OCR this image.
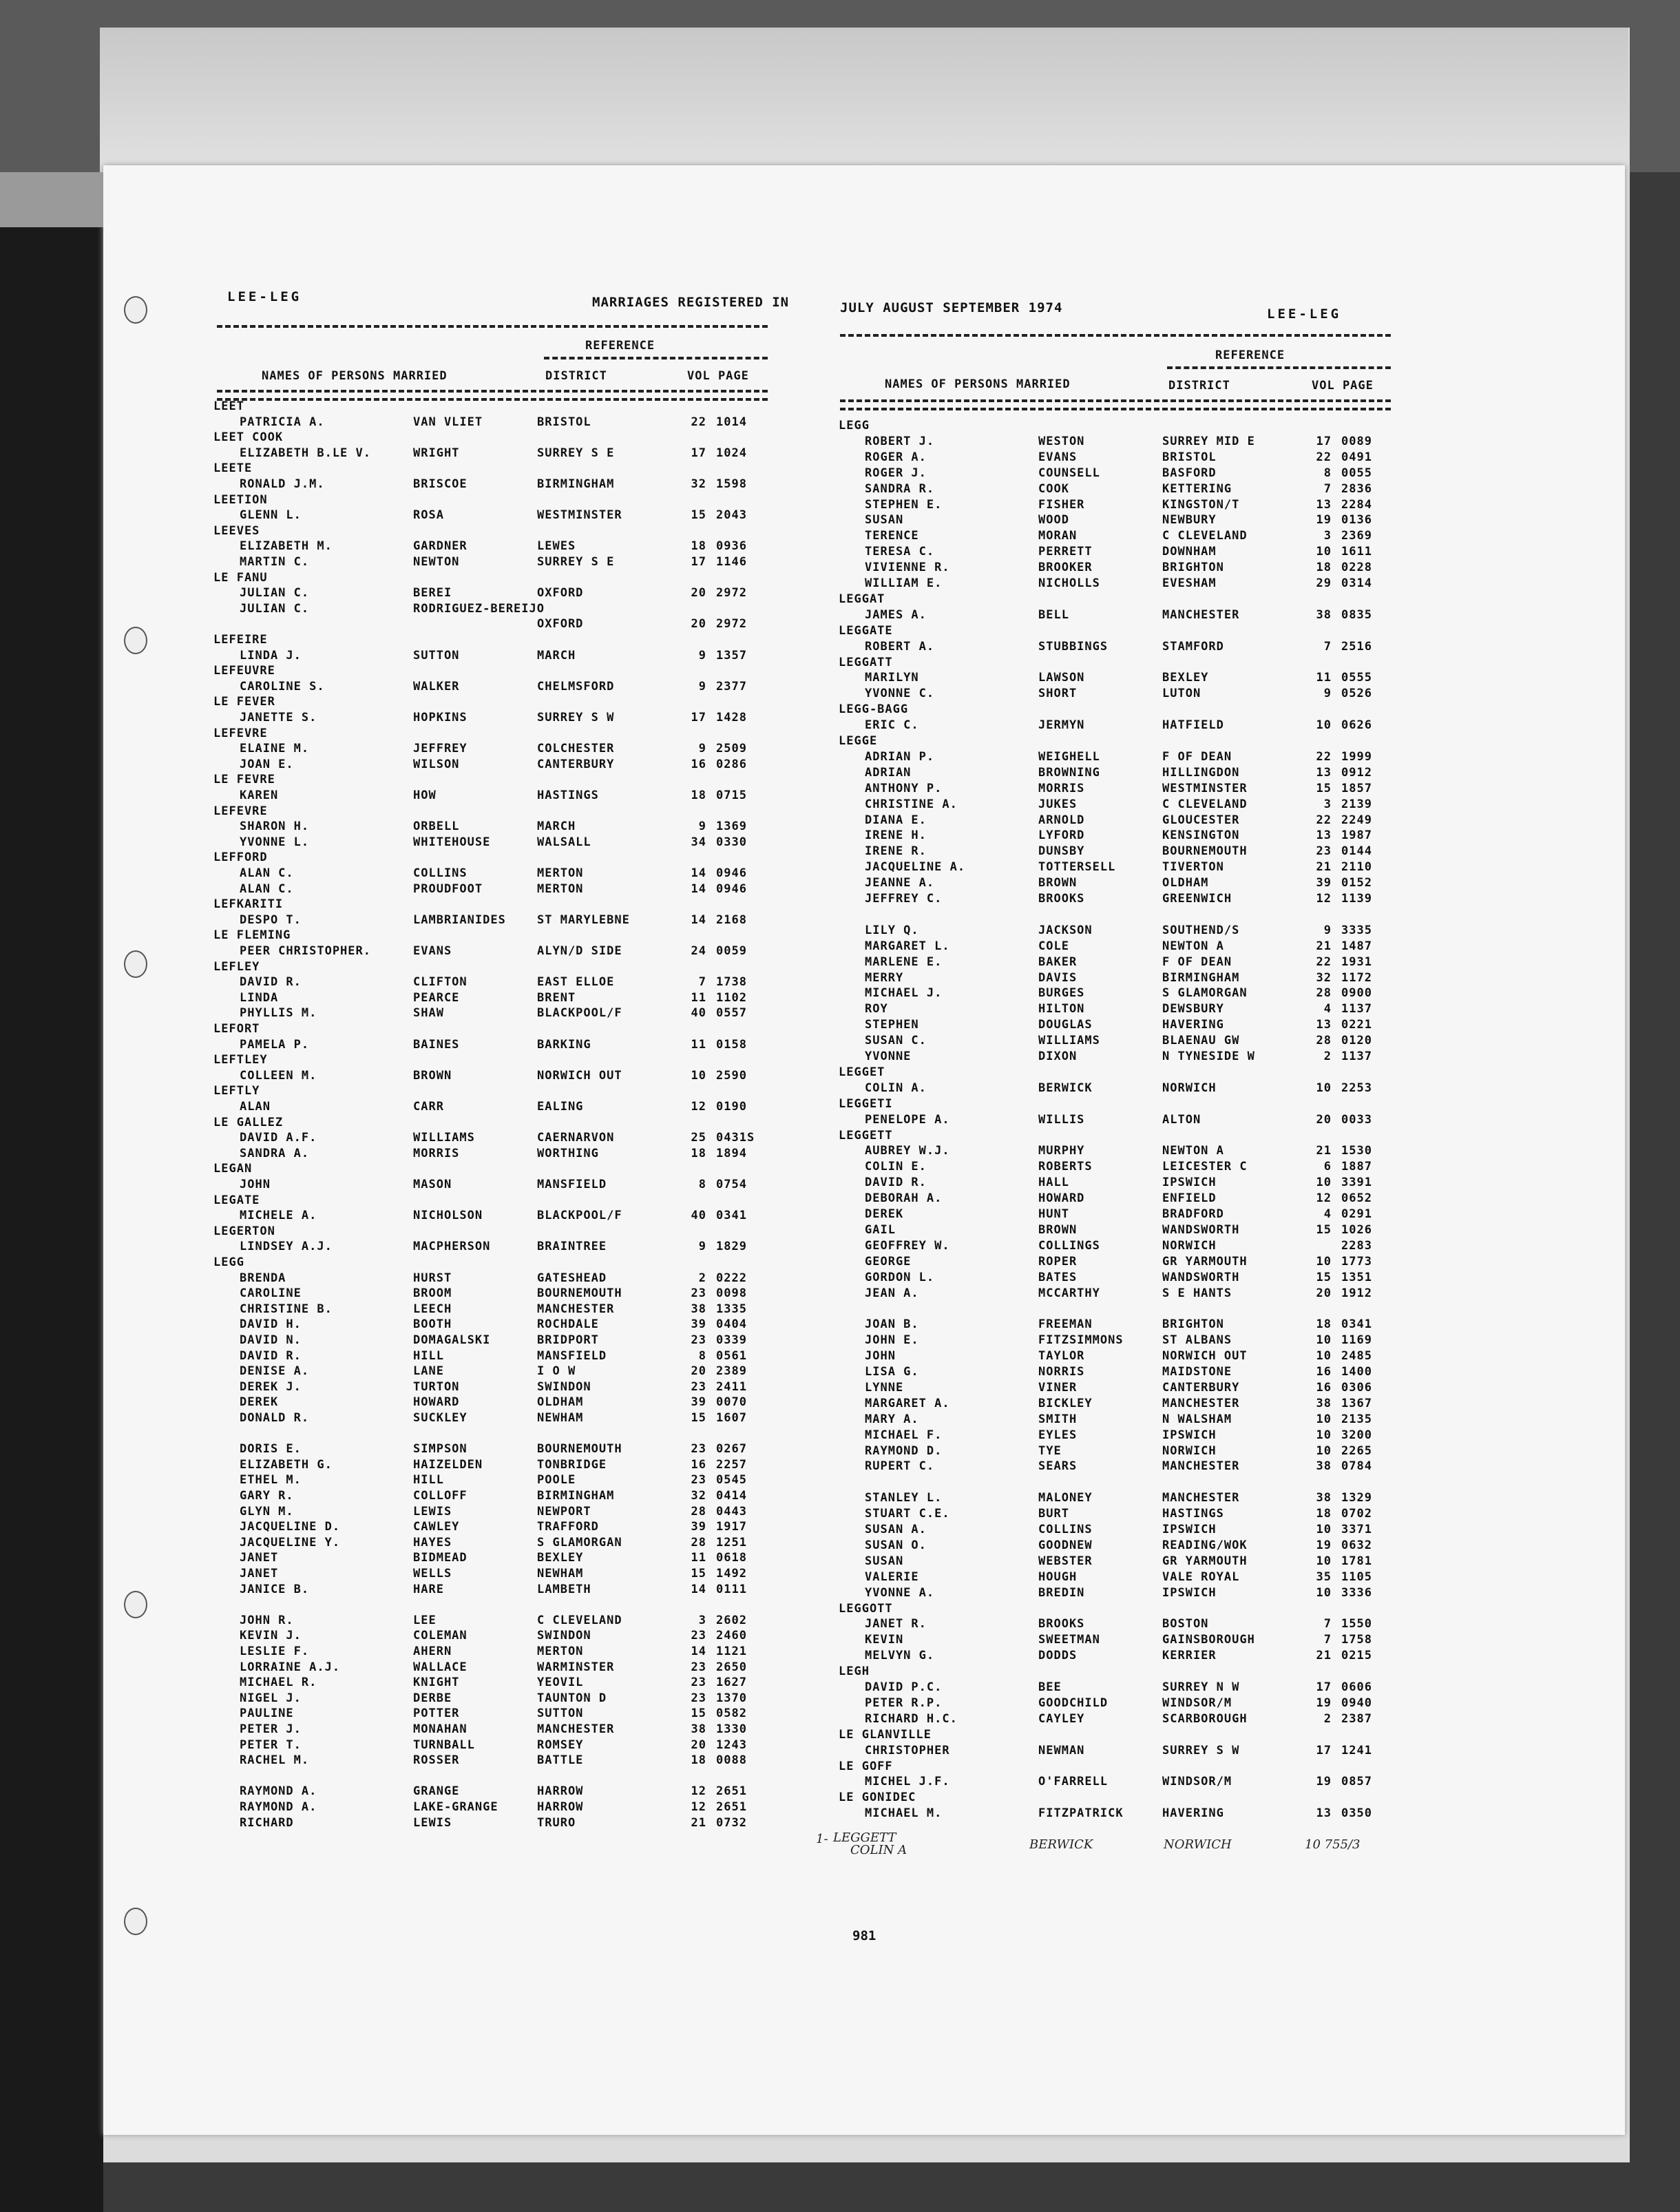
LEE-LEG	MARRIAGES REGISTERED IN	JULY AUGUST SEPTEMBER 1974	LEE-LEG
REFERENCE
NAMES OF PERSONS MARRIED	DISTRICT	VOL PAGE
REFERENCE
NAMES OF PERSONS MARRIED	DISTRICT	VOL PAGE
LEET
PATRICIA A.	VAN VLIET	BRISTOL	22 1014
LEET COOK
ELIZABETH B.LE V.	WRIGHT	SURREY S E	17 1024
LEETE
RONALD J.M.	BRISCOE	BIRMINGHAM	32 1598
LEETION
GLENN L.	ROSA	WESTMINSTER	15 2043
LEEVES
ELIZABETH M.	GARDNER	LEWES	18 0936
MARTIN C.	NEWTON	SURREY S E	17 1146
LE FANU
JULIAN C.	BEREI	OXFORD	20 2972
JULIAN C.	RODRIGUEZ-BEREIJO
OXFORD	20 2972
LEFEIRE
LINDA J.	SUTTON	MARCH	9 1357
LEFEUVRE
CAROLINE S.	WALKER	CHELMSFORD	9 2377
LE FEVER
JANETTE S.	HOPKINS	SURREY S W	17 1428
LEFEVRE
ELAINE M.	JEFFREY	COLCHESTER	9 2509
JOAN E.	WILSON	CANTERBURY	16 0286
LE FEVRE
KAREN	HOW	HASTINGS	18 0715
LEFEVRE
SHARON H.	ORBELL	MARCH	9 1369
YVONNE L.	WHITEHOUSE	WALSALL	34 0330
LEFFORD
ALAN C.	COLLINS	MERTON	14 0946
ALAN C.	PROUDFOOT	MERTON	14 0946
LEFKARITI
DESPO T.	LAMBRIANIDES	ST MARYLEBNE	14 2168
LE FLEMING
PEER CHRISTOPHER.	EVANS	ALYN/D SIDE	24 0059
LEFLEY
DAVID R.	CLIFTON	EAST ELLOE	7 1738
LINDA	PEARCE	BRENT	11 1102
PHYLLIS M.	SHAW	BLACKPOOL/F	40 0557
LEFORT
PAMELA P.	BAINES	BARKING	11 0158
LEFTLEY
COLLEEN M.	BROWN	NORWICH OUT	10 2590
LEFTLY
ALAN	CARR	EALING	12 0190
LE GALLEZ
DAVID A.F.	WILLIAMS	CAERNARVON	25 0431S
SANDRA A.	MORRIS	WORTHING	18 1894
LEGAN
JOHN	MASON	MANSFIELD	8 0754
LEGATE
MICHELE A.	NICHOLSON	BLACKPOOL/F	40 0341
LEGERTON
LINDSEY A.J.	MACPHERSON	BRAINTREE	9 1829
LEGG
BRENDA	HURST	GATESHEAD	2 0222
CAROLINE	BROOM	BOURNEMOUTH	23 0098
CHRISTINE B.	LEECH	MANCHESTER	38 1335
DAVID H.	BOOTH	ROCHDALE	39 0404
DAVID N.	DOMAGALSKI	BRIDPORT	23 0339
DAVID R.	HILL	MANSFIELD	8 0561
DENISE A.	LANE	I O W	20 2389
DEREK J.	TURTON	SWINDON	23 2411
DEREK	HOWARD	OLDHAM	39 0070
DONALD R.	SUCKLEY	NEWHAM	15 1607
DORIS E.	SIMPSON	BOURNEMOUTH	23 0267
ELIZABETH G.	HAIZELDEN	TONBRIDGE	16 2257
ETHEL M.	HILL	POOLE	23 0545
GARY R.	COLLOFF	BIRMINGHAM	32 0414
GLYN M.	LEWIS	NEWPORT	28 0443
JACQUELINE D.	CAWLEY	TRAFFORD	39 1917
JACQUELINE Y.	HAYES	S GLAMORGAN	28 1251
JANET	BIDMEAD	BEXLEY	11 0618
JANET	WELLS	NEWHAM	15 1492
JANICE B.	HARE	LAMBETH	14 0111
JOHN R.	LEE	C CLEVELAND	3 2602
KEVIN J.	COLEMAN	SWINDON	23 2460
LESLIE F.	AHERN	MERTON	14 1121
LORRAINE A.J.	WALLACE	WARMINSTER	23 2650
MICHAEL R.	KNIGHT	YEOVIL	23 1627
NIGEL J.	DERBE	TAUNTON D	23 1370
PAULINE	POTTER	SUTTON	15 0582
PETER J.	MONAHAN	MANCHESTER	38 1330
PETER T.	TURNBALL	ROMSEY	20 1243
RACHEL M.	ROSSER	BATTLE	18 0088
RAYMOND A.	GRANGE	HARROW	12 2651
RAYMOND A.	LAKE-GRANGE	HARROW	12 2651
RICHARD	LEWIS	TRURO	21 0732
LEGG
ROBERT J.	WESTON	SURREY MID E	17 0089
ROGER A.	EVANS	BRISTOL	22 0491
ROGER J.	COUNSELL	BASFORD	8 0055
SANDRA R.	COOK	KETTERING	7 2836
STEPHEN E.	FISHER	KINGSTON/T	13 2284
SUSAN	WOOD	NEWBURY	19 0136
TERENCE	MORAN	C CLEVELAND	3 2369
TERESA C.	PERRETT	DOWNHAM	10 1611
VIVIENNE R.	BROOKER	BRIGHTON	18 0228
WILLIAM E.	NICHOLLS	EVESHAM	29 0314
LEGGAT
JAMES A.	BELL	MANCHESTER	38 0835
LEGGATE
ROBERT A.	STUBBINGS	STAMFORD	7 2516
LEGGATT
MARILYN	LAWSON	BEXLEY	11 0555
YVONNE C.	SHORT	LUTON	9 0526
LEGG-BAGG
ERIC C.	JERMYN	HATFIELD	10 0626
LEGGE
ADRIAN P.	WEIGHELL	F OF DEAN	22 1999
ADRIAN	BROWNING	HILLINGDON	13 0912
ANTHONY P.	MORRIS	WESTMINSTER	15 1857
CHRISTINE A.	JUKES	C CLEVELAND	3 2139
DIANA E.	ARNOLD	GLOUCESTER	22 2249
IRENE H.	LYFORD	KENSINGTON	13 1987
IRENE R.	DUNSBY	BOURNEMOUTH	23 0144
JACQUELINE A.	TOTTERSELL	TIVERTON	21 2110
JEANNE A.	BROWN	OLDHAM	39 0152
JEFFREY C.	BROOKS	GREENWICH	12 1139
LILY Q.	JACKSON	SOUTHEND/S	9 3335
MARGARET L.	COLE	NEWTON A	21 1487
MARLENE E.	BAKER	F OF DEAN	22 1931
MERRY	DAVIS	BIRMINGHAM	32 1172
MICHAEL J.	BURGES	S GLAMORGAN	28 0900
ROY	HILTON	DEWSBURY	4 1137
STEPHEN	DOUGLAS	HAVERING	13 0221
SUSAN C.	WILLIAMS	BLAENAU GW	28 0120
YVONNE	DIXON	N TYNESIDE W	2 1137
LEGGET
COLIN A.	BERWICK	NORWICH	10 2253
LEGGETI
PENELOPE A.	WILLIS	ALTON	20 0033
LEGGETT
AUBREY W.J.	MURPHY	NEWTON A	21 1530
COLIN E.	ROBERTS	LEICESTER C	6 1887
DAVID R.	HALL	IPSWICH	10 3391
DEBORAH A.	HOWARD	ENFIELD	12 0652
DEREK	HUNT	BRADFORD	4 0291
GAIL	BROWN	WANDSWORTH	15 1026
GEOFFREY W.	COLLINGS	NORWICH	2283
GEORGE	ROPER	GR YARMOUTH	10 1773
GORDON L.	BATES	WANDSWORTH	15 1351
JEAN A.	MCCARTHY	S E HANTS	20 1912
JOAN B.	FREEMAN	BRIGHTON	18 0341
JOHN E.	FITZSIMMONS	ST ALBANS	10 1169
JOHN	TAYLOR	NORWICH OUT	10 2485
LISA G.	NORRIS	MAIDSTONE	16 1400
LYNNE	VINER	CANTERBURY	16 0306
MARGARET A.	BICKLEY	MANCHESTER	38 1367
MARY A.	SMITH	N WALSHAM	10 2135
MICHAEL F.	EYLES	IPSWICH	10 3200
RAYMOND D.	TYE	NORWICH	10 2265
RUPERT C.	SEARS	MANCHESTER	38 0784
STANLEY L.	MALONEY	MANCHESTER	38 1329
STUART C.E.	BURT	HASTINGS	18 0702
SUSAN A.	COLLINS	IPSWICH	10 3371
SUSAN O.	GOODNEW	READING/WOK	19 0632
SUSAN	WEBSTER	GR YARMOUTH	10 1781
VALERIE	HOUGH	VALE ROYAL	35 1105
YVONNE A.	BREDIN	IPSWICH	10 3336
LEGGOTT
JANET R.	BROOKS	BOSTON	7 1550
KEVIN	SWEETMAN	GAINSBOROUGH	7 1758
MELVYN G.	DODDS	KERRIER	21 0215
LEGH
DAVID P.C.	BEE	SURREY N W	17 0606
PETER R.P.	GOODCHILD	WINDSOR/M	19 0940
RICHARD H.C.	CAYLEY	SCARBOROUGH	2 2387
LE GLANVILLE
CHRISTOPHER	NEWMAN	SURREY S W	17 1241
LE GOFF
MICHEL J.F.	O'FARRELL	WINDSOR/M	19 0857
LE GONIDEC
MICHAEL M.	FITZPATRICK	HAVERING	13 0350
1- LEGGETT
COLIN A	BERWICK	NORWICH	10 755/3
981
